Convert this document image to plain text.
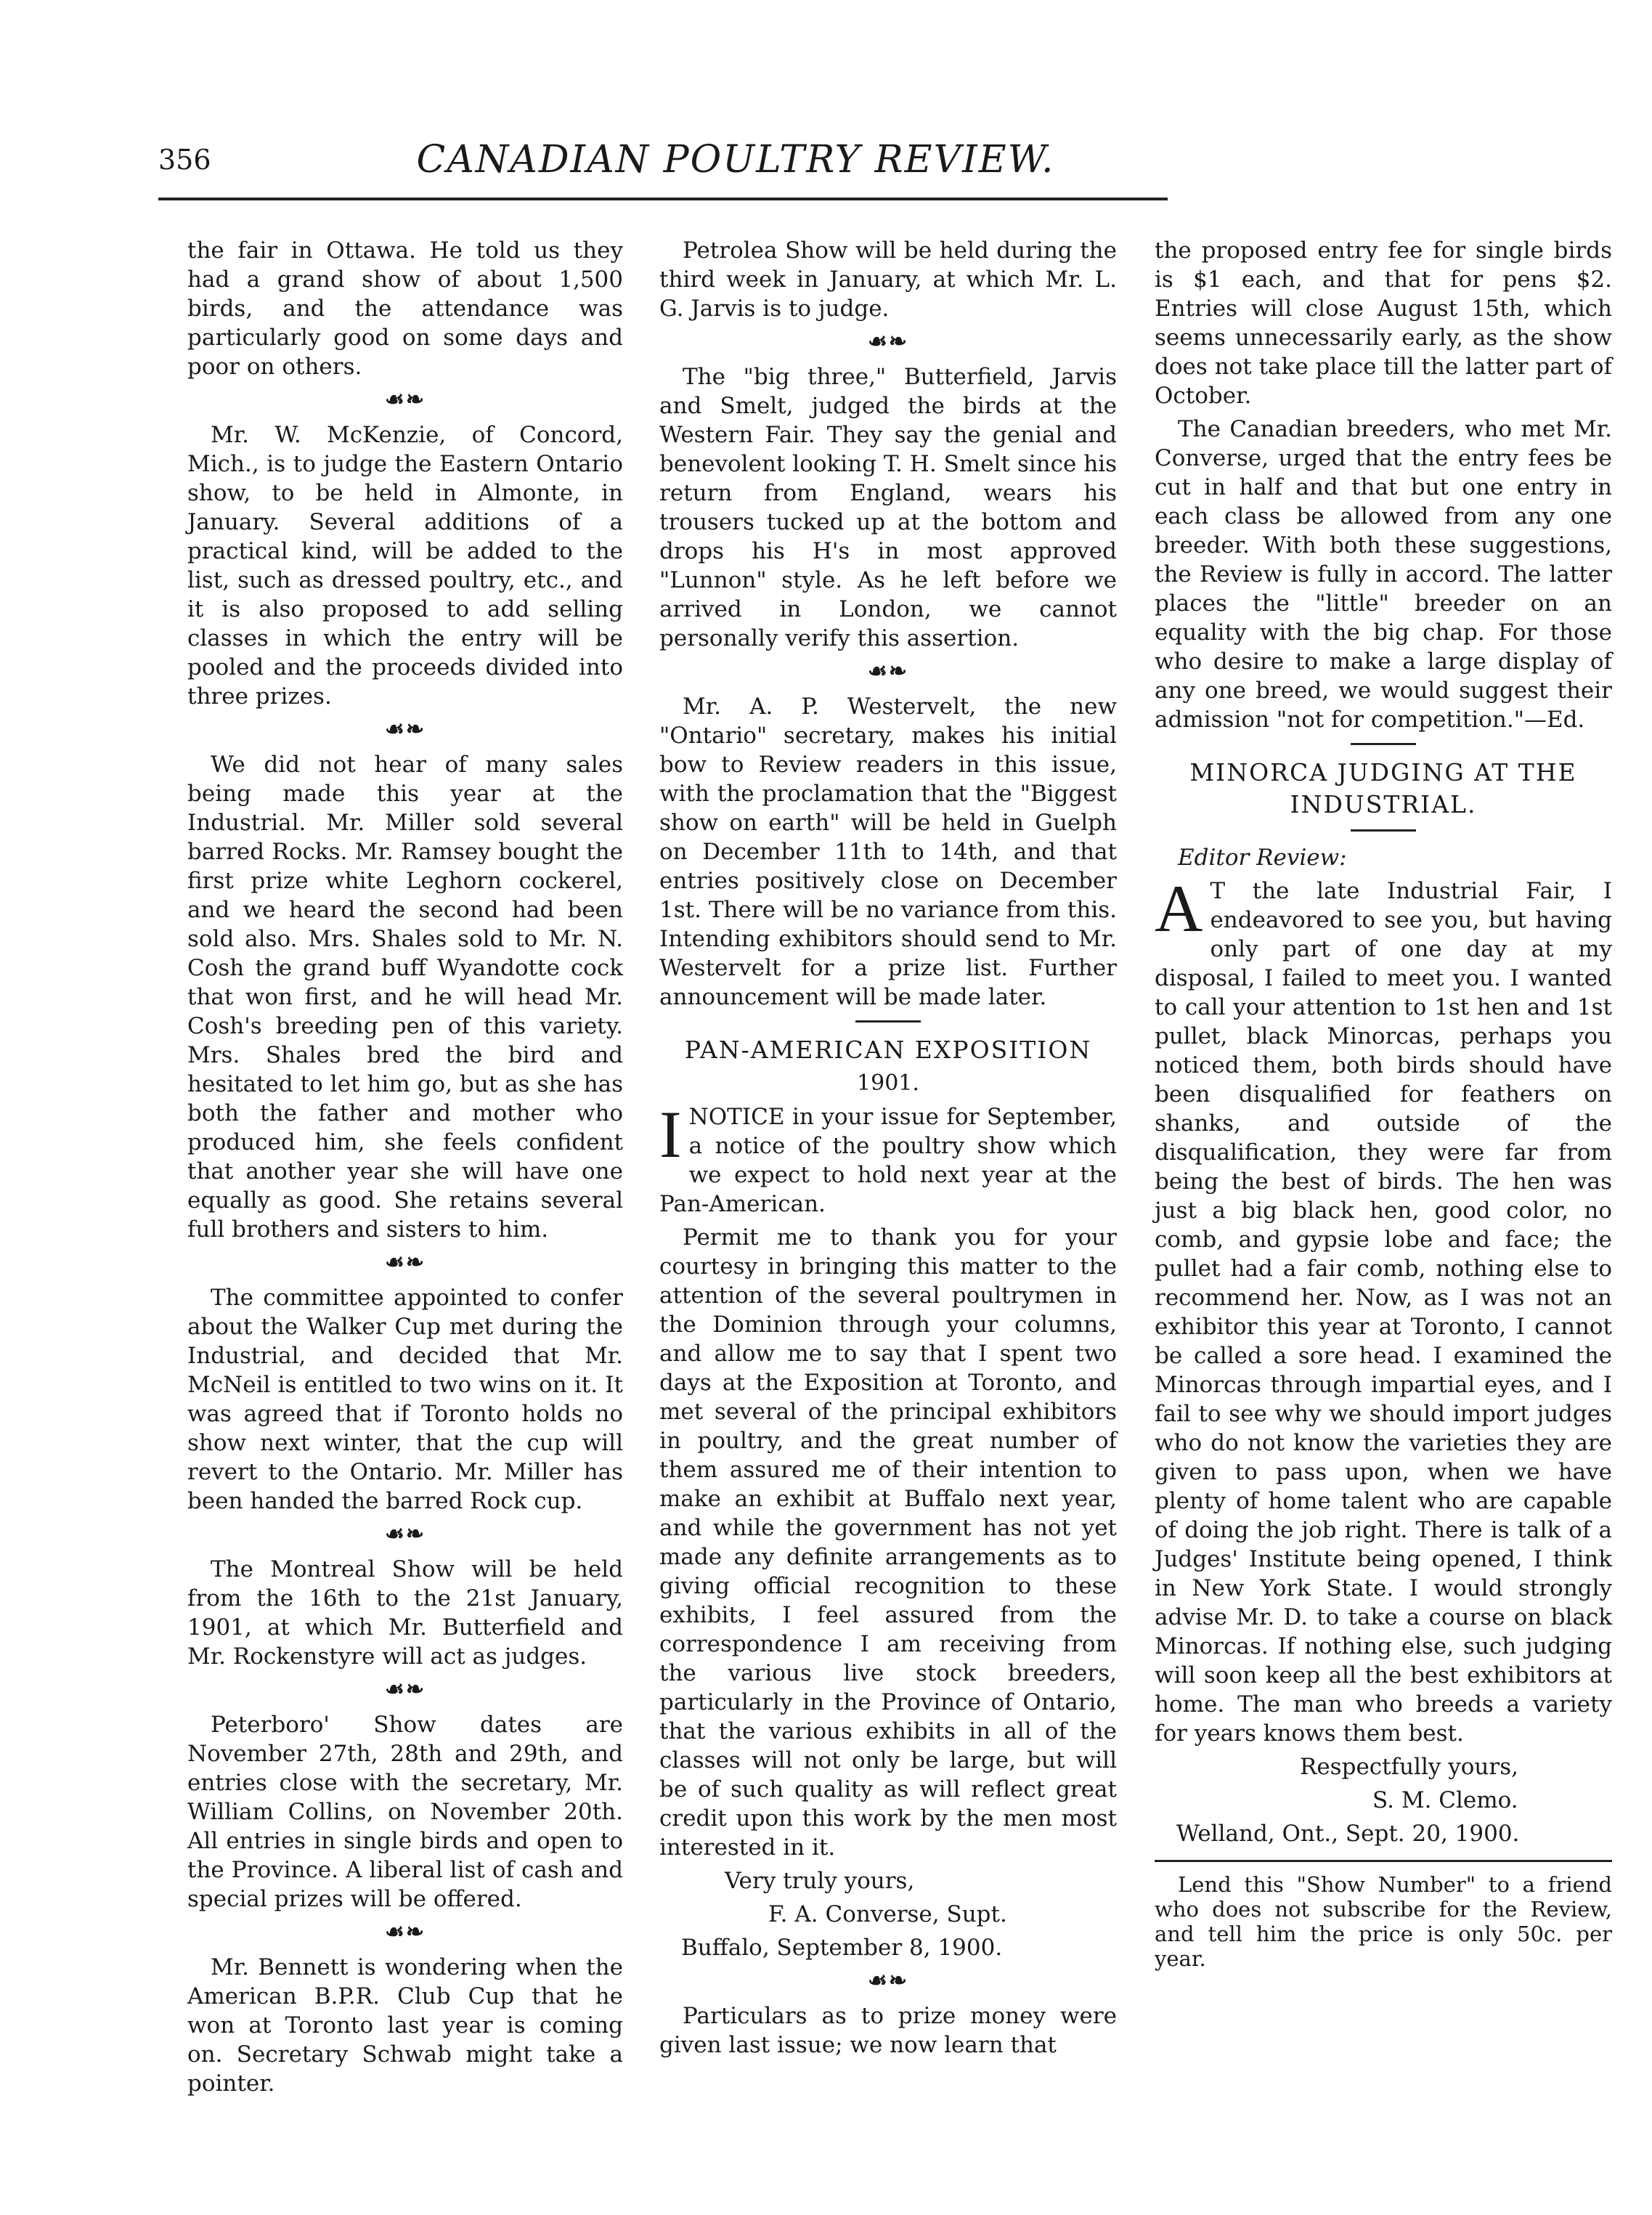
356	CANADIAN POULTRY REVIEW.

the fair in Ottawa. He told us they had a grand show of about 1,500 birds, and the attendance was particularly good on some days and poor on others.

☙❧

Mr. W. McKenzie, of Concord, Mich., is to judge the Eastern Ontario show, to be held in Almonte, in January. Several additions of a practical kind, will be added to the list, such as dressed poultry, etc., and it is also proposed to add selling classes in which the entry will be pooled and the proceeds divided into three prizes.

☙❧

We did not hear of many sales being made this year at the Industrial. Mr. Miller sold several barred Rocks. Mr. Ramsey bought the first prize white Leghorn cockerel, and we heard the second had been sold also. Mrs. Shales sold to Mr. N. Cosh the grand buff Wyandotte cock that won first, and he will head Mr. Cosh's breeding pen of this variety. Mrs. Shales bred the bird and hesitated to let him go, but as she has both the father and mother who produced him, she feels confident that another year she will have one equally as good. She retains several full brothers and sisters to him.

☙❧

The committee appointed to confer about the Walker Cup met during the Industrial, and decided that Mr. McNeil is entitled to two wins on it. It was agreed that if Toronto holds no show next winter, that the cup will revert to the Ontario. Mr. Miller has been handed the barred Rock cup.

☙❧

The Montreal Show will be held from the 16th to the 21st January, 1901, at which Mr. Butterfield and Mr. Rockenstyre will act as judges.

☙❧

Peterboro' Show dates are November 27th, 28th and 29th, and entries close with the secretary, Mr. William Collins, on November 20th. All entries in single birds and open to the Province. A liberal list of cash and special prizes will be offered.

☙❧

Mr. Bennett is wondering when the American B.P.R. Club Cup that he won at Toronto last year is coming on. Secretary Schwab might take a pointer.

Petrolea Show will be held during the third week in January, at which Mr. L. G. Jarvis is to judge.

☙❧

The "big three," Butterfield, Jarvis and Smelt, judged the birds at the Western Fair. They say the genial and benevolent looking T. H. Smelt since his return from England, wears his trousers tucked up at the bottom and drops his H's in most approved "Lunnon" style. As he left before we arrived in London, we cannot personally verify this assertion.

☙❧

Mr. A. P. Westervelt, the new "Ontario" secretary, makes his initial bow to Review readers in this issue, with the proclamation that the "Biggest show on earth" will be held in Guelph on December 11th to 14th, and that entries positively close on December 1st. There will be no variance from this. Intending exhibitors should send to Mr. Westervelt for a prize list. Further announcement will be made later.

PAN-AMERICAN EXPOSITION
1901.

INOTICE in your issue for September, a notice of the poultry show which we expect to hold next year at the Pan-American.

Permit me to thank you for your courtesy in bringing this matter to the attention of the several poultrymen in the Dominion through your columns, and allow me to say that I spent two days at the Exposition at Toronto, and met several of the principal exhibitors in poultry, and the great number of them assured me of their intention to make an exhibit at Buffalo next year, and while the government has not yet made any definite arrangements as to giving official recognition to these exhibits, I feel assured from the correspondence I am receiving from the various live stock breeders, particularly in the Province of Ontario, that the various exhibits in all of the classes will not only be large, but will be of such quality as will reflect great credit upon this work by the men most interested in it.

Very truly yours,

F. A. Converse, Supt.

Buffalo, September 8, 1900.

☙❧

Particulars as to prize money were given last issue; we now learn that

the proposed entry fee for single birds is $1 each, and that for pens $2. Entries will close August 15th, which seems unnecessarily early, as the show does not take place till the latter part of October.

The Canadian breeders, who met Mr. Converse, urged that the entry fees be cut in half and that but one entry in each class be allowed from any one breeder. With both these suggestions, the Review is fully in accord. The latter places the "little" breeder on an equality with the big chap. For those who desire to make a large display of any one breed, we would suggest their admission "not for competition."—Ed.

MINORCA JUDGING AT THE INDUSTRIAL.

Editor Review:

A T the late Industrial Fair, I endeavored to see you, but having only part of one day at my disposal, I failed to meet you. I wanted to call your attention to 1st hen and 1st pullet, black Minorcas, perhaps you noticed them, both birds should have been disqualified for feathers on shanks, and outside of the disqualification, they were far from being the best of birds. The hen was just a big black hen, good color, no comb, and gypsie lobe and face; the pullet had a fair comb, nothing else to recommend her. Now, as I was not an exhibitor this year at Toronto, I cannot be called a sore head. I examined the Minorcas through impartial eyes, and I fail to see why we should import judges who do not know the varieties they are given to pass upon, when we have plenty of home talent who are capable of doing the job right. There is talk of a Judges' Institute being opened, I think in New York State. I would strongly advise Mr. D. to take a course on black Minorcas. If nothing else, such judging will soon keep all the best exhibitors at home. The man who breeds a variety for years knows them best.

Respectfully yours,

S. M. Clemo.

Welland, Ont., Sept. 20, 1900.

Lend this "Show Number" to a friend who does not subscribe for the Review, and tell him the price is only 50c. per year.
